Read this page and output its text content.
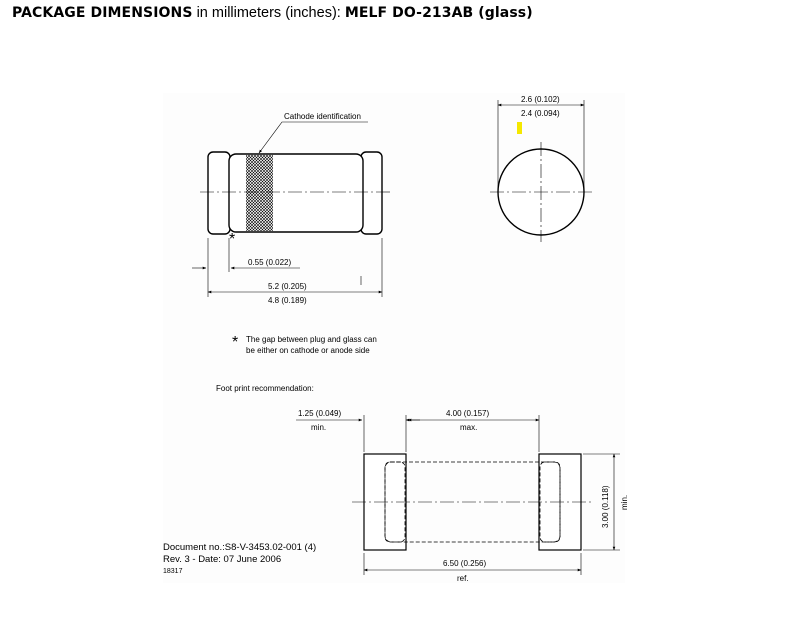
PACKAGE DIMENSIONS in millimeters (inches): MELF DO-213AB (glass)
Cathode identification
*
0.55 (0.022)
5.2 (0.205)
4.8 (0.189)
2.6 (0.102)
2.4 (0.094)
* The gap between plug and glass can
be either on cathode or anode side
Foot print recommendation:
1.25 (0.049)
min.
4.00 (0.157)
max.
3.00 (0.118) min.
6.50 (0.256)
ref.
Document no.:S8-V-3453.02-001 (4)
Rev. 3 - Date: 07 June 2006
18317
